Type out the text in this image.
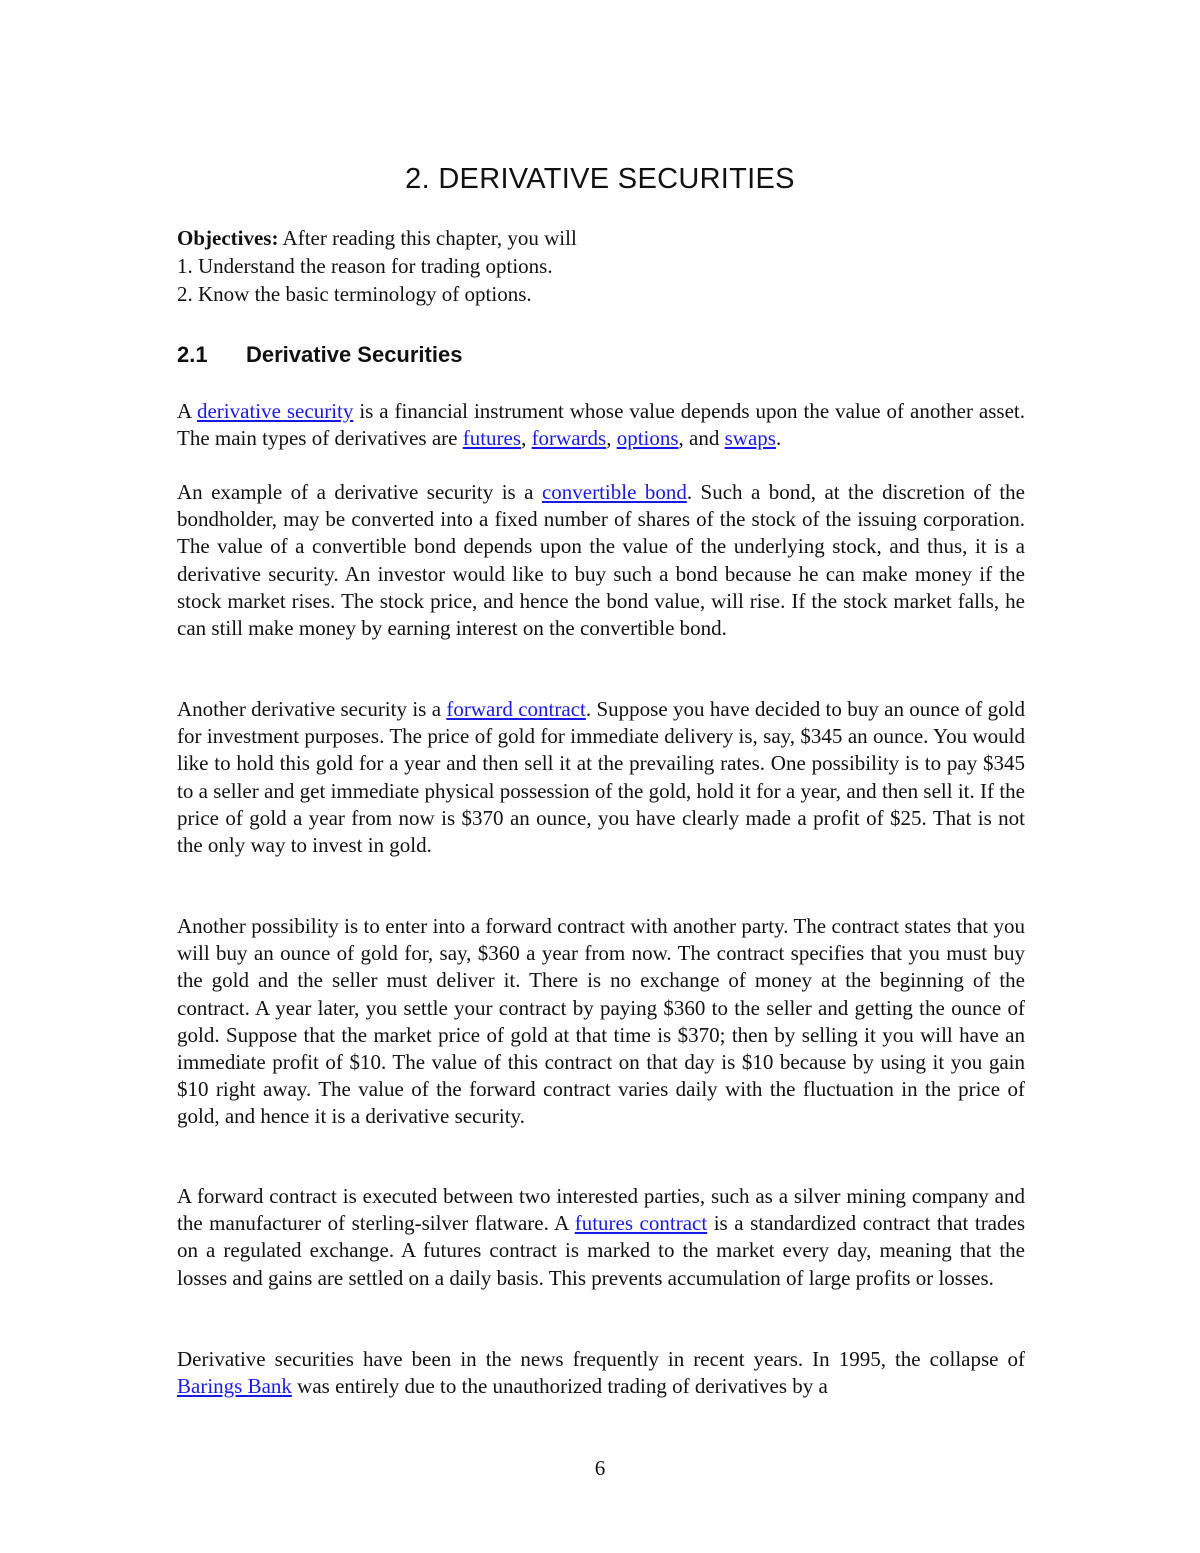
2. DERIVATIVE SECURITIES
Objectives: After reading this chapter, you will
1. Understand the reason for trading options.
2. Know the basic terminology of options.
2.1 Derivative Securities

A derivative security is a financial instrument whose value depends upon the value of another asset. The main types of derivatives are futures, forwards, options, and swaps.

An example of a derivative security is a convertible bond. Such a bond, at the discretion of the bondholder, may be converted into a fixed number of shares of the stock of the issuing corporation. The value of a convertible bond depends upon the value of the underlying stock, and thus, it is a derivative security. An investor would like to buy such a bond because he can make money if the stock market rises. The stock price, and hence the bond value, will rise. If the stock market falls, he can still make money by earning interest on the convertible bond.

Another derivative security is a forward contract. Suppose you have decided to buy an ounce of gold for investment purposes. The price of gold for immediate delivery is, say, $345 an ounce. You would like to hold this gold for a year and then sell it at the prevailing rates. One possibility is to pay $345 to a seller and get immediate physical possession of the gold, hold it for a year, and then sell it. If the price of gold a year from now is $370 an ounce, you have clearly made a profit of $25. That is not the only way to invest in gold.

Another possibility is to enter into a forward contract with another party. The contract states that you will buy an ounce of gold for, say, $360 a year from now. The contract specifies that you must buy the gold and the seller must deliver it. There is no exchange of money at the beginning of the contract. A year later, you settle your contract by paying $360 to the seller and getting the ounce of gold. Suppose that the market price of gold at that time is $370; then by selling it you will have an immediate profit of $10. The value of this contract on that day is $10 because by using it you gain $10 right away. The value of the forward contract varies daily with the fluctuation in the price of gold, and hence it is a derivative security.

A forward contract is executed between two interested parties, such as a silver mining company and the manufacturer of sterling-silver flatware. A futures contract is a standardized contract that trades on a regulated exchange. A futures contract is marked to the market every day, meaning that the losses and gains are settled on a daily basis. This prevents accumulation of large profits or losses.

Derivative securities have been in the news frequently in recent years. In 1995, the collapse of Barings Bank was entirely due to the unauthorized trading of derivatives by a

6
